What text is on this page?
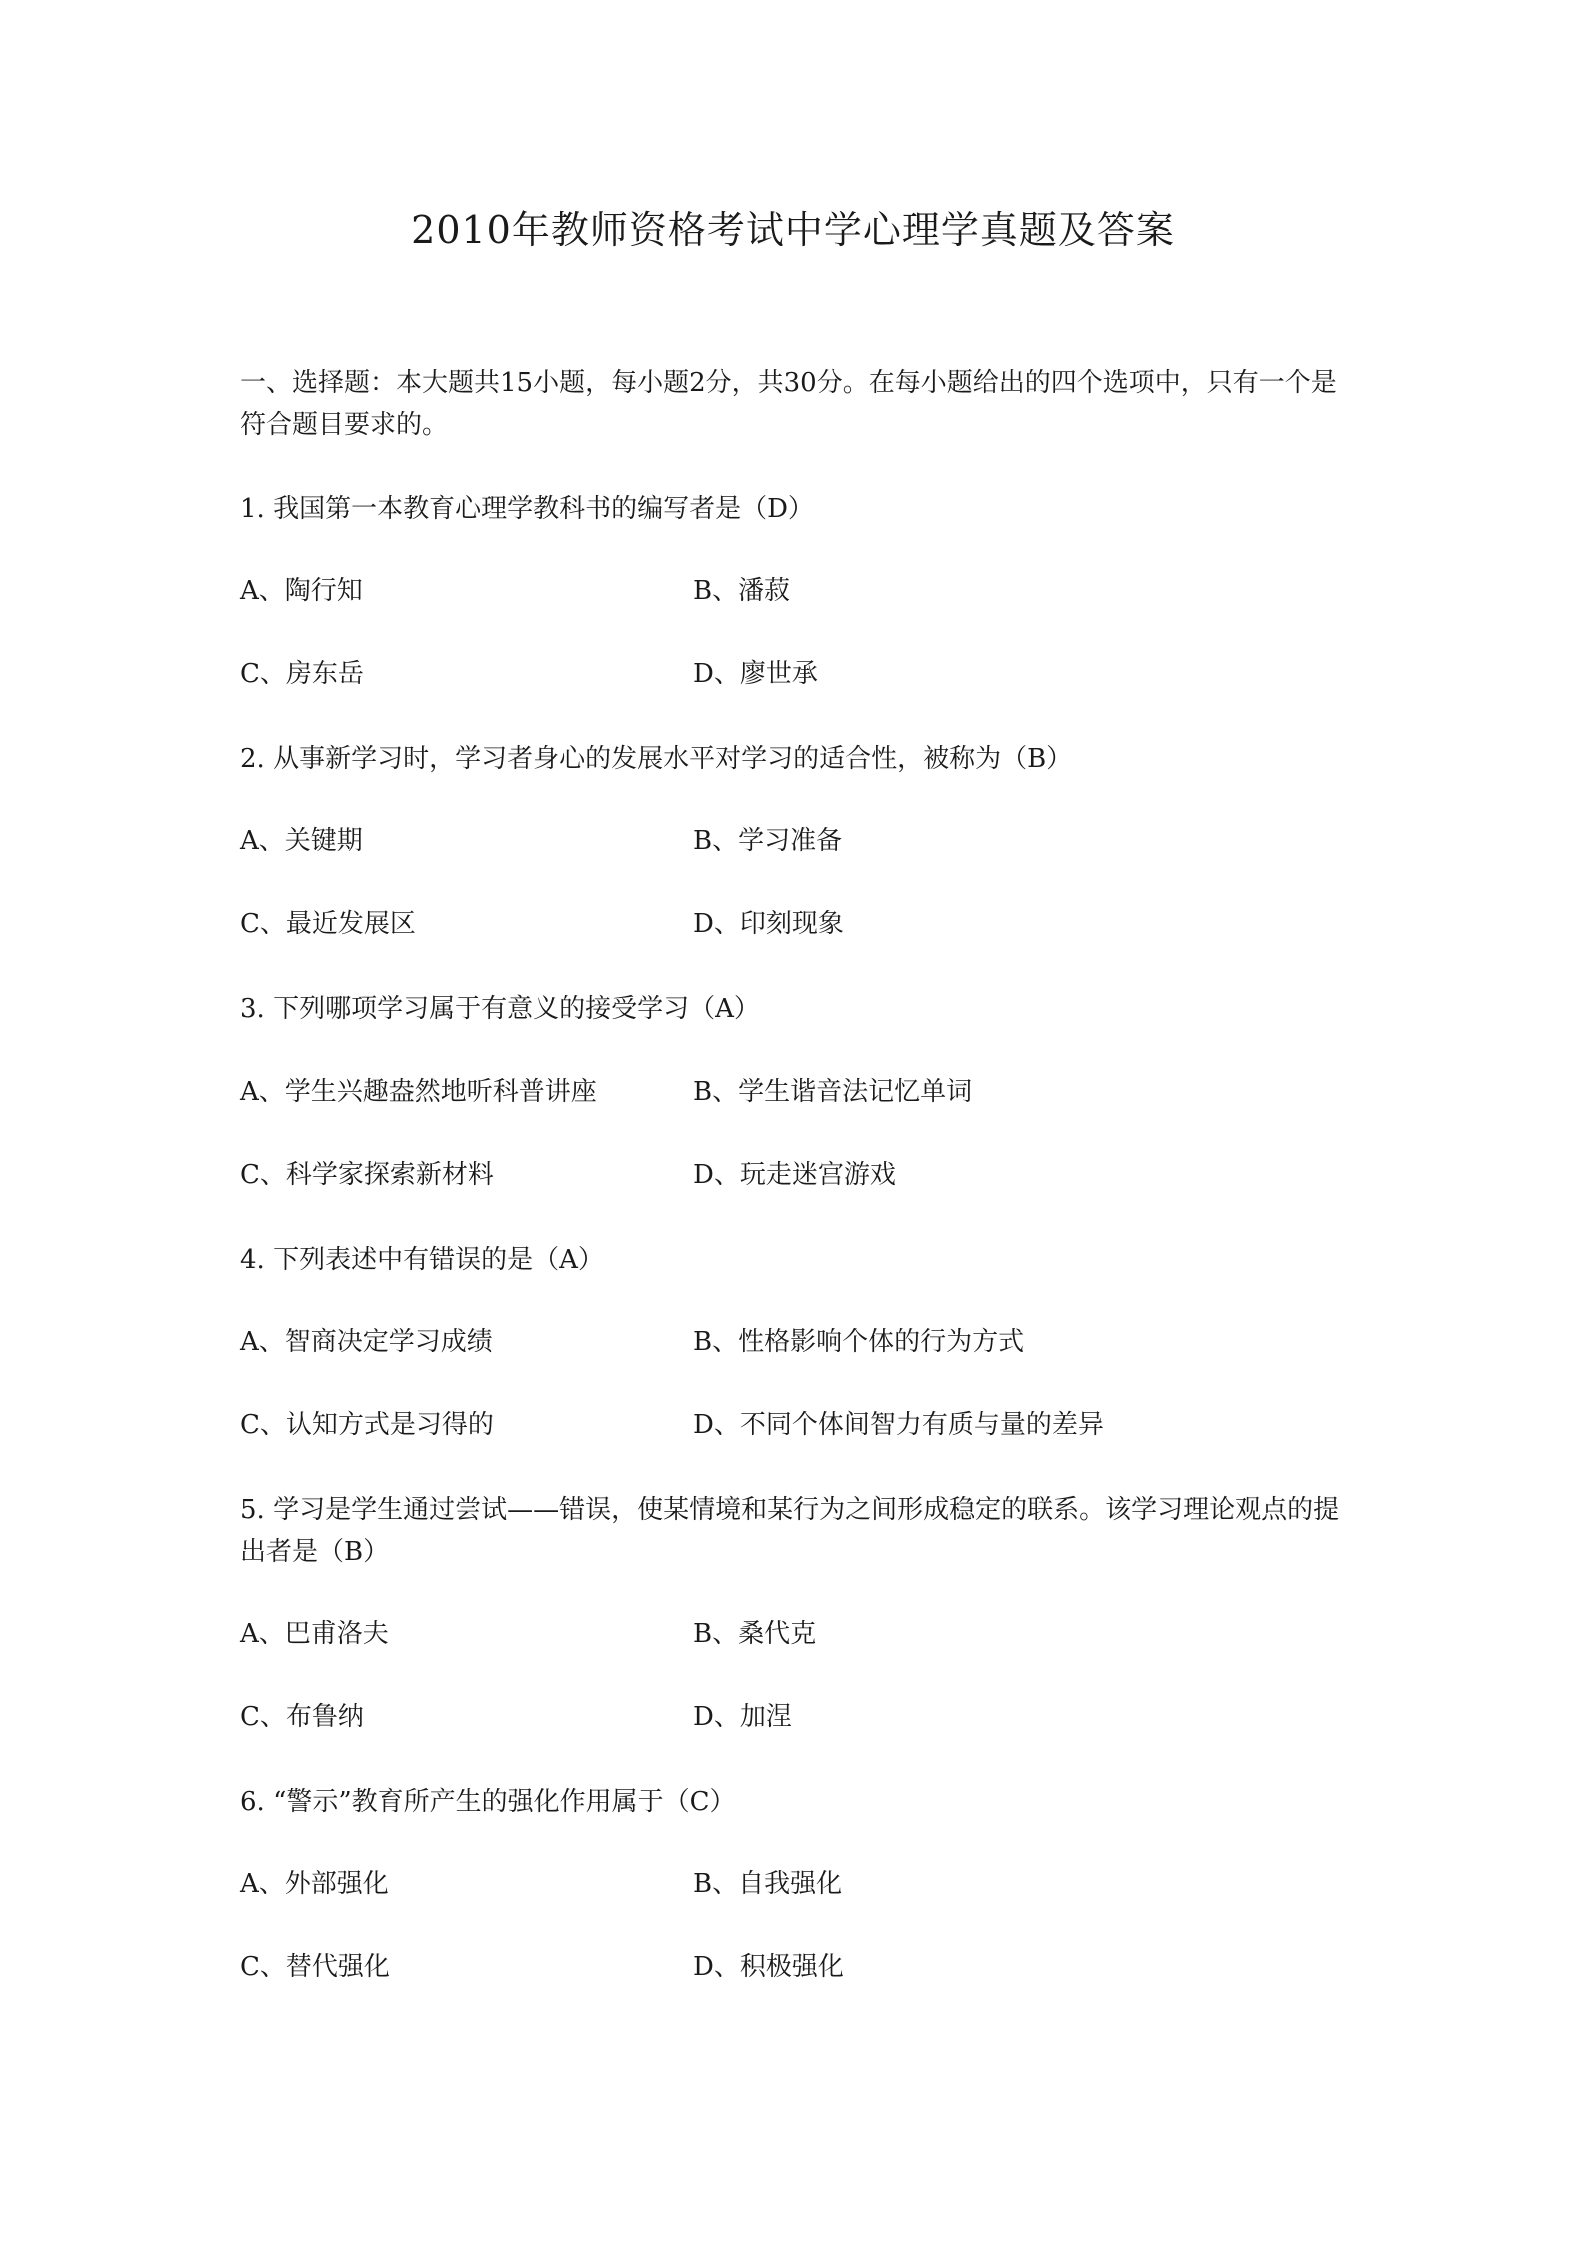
2010年教师资格考试中学心理学真题及答案
一、选择题：本大题共15小题，每小题2分，共30分。在每小题给出的四个选项中，只有一个是符合题目要求的。
1. 我国第一本教育心理学教科书的编写者是（D）
A、陶行知	B、潘菽
C、房东岳	D、廖世承
2. 从事新学习时，学习者身心的发展水平对学习的适合性，被称为（B）
A、关键期	B、学习准备
C、最近发展区	D、印刻现象
3. 下列哪项学习属于有意义的接受学习（A）
A、学生兴趣盎然地听科普讲座	B、学生谐音法记忆单词
C、科学家探索新材料	D、玩走迷宫游戏
4. 下列表述中有错误的是（A）
A、智商决定学习成绩	B、性格影响个体的行为方式
C、认知方式是习得的	D、不同个体间智力有质与量的差异
5. 学习是学生通过尝试——错误，使某情境和某行为之间形成稳定的联系。该学习理论观点的提出者是（B）
A、巴甫洛夫	B、桑代克
C、布鲁纳	D、加涅
6. “警示”教育所产生的强化作用属于（C）
A、外部强化	B、自我强化
C、替代强化	D、积极强化
